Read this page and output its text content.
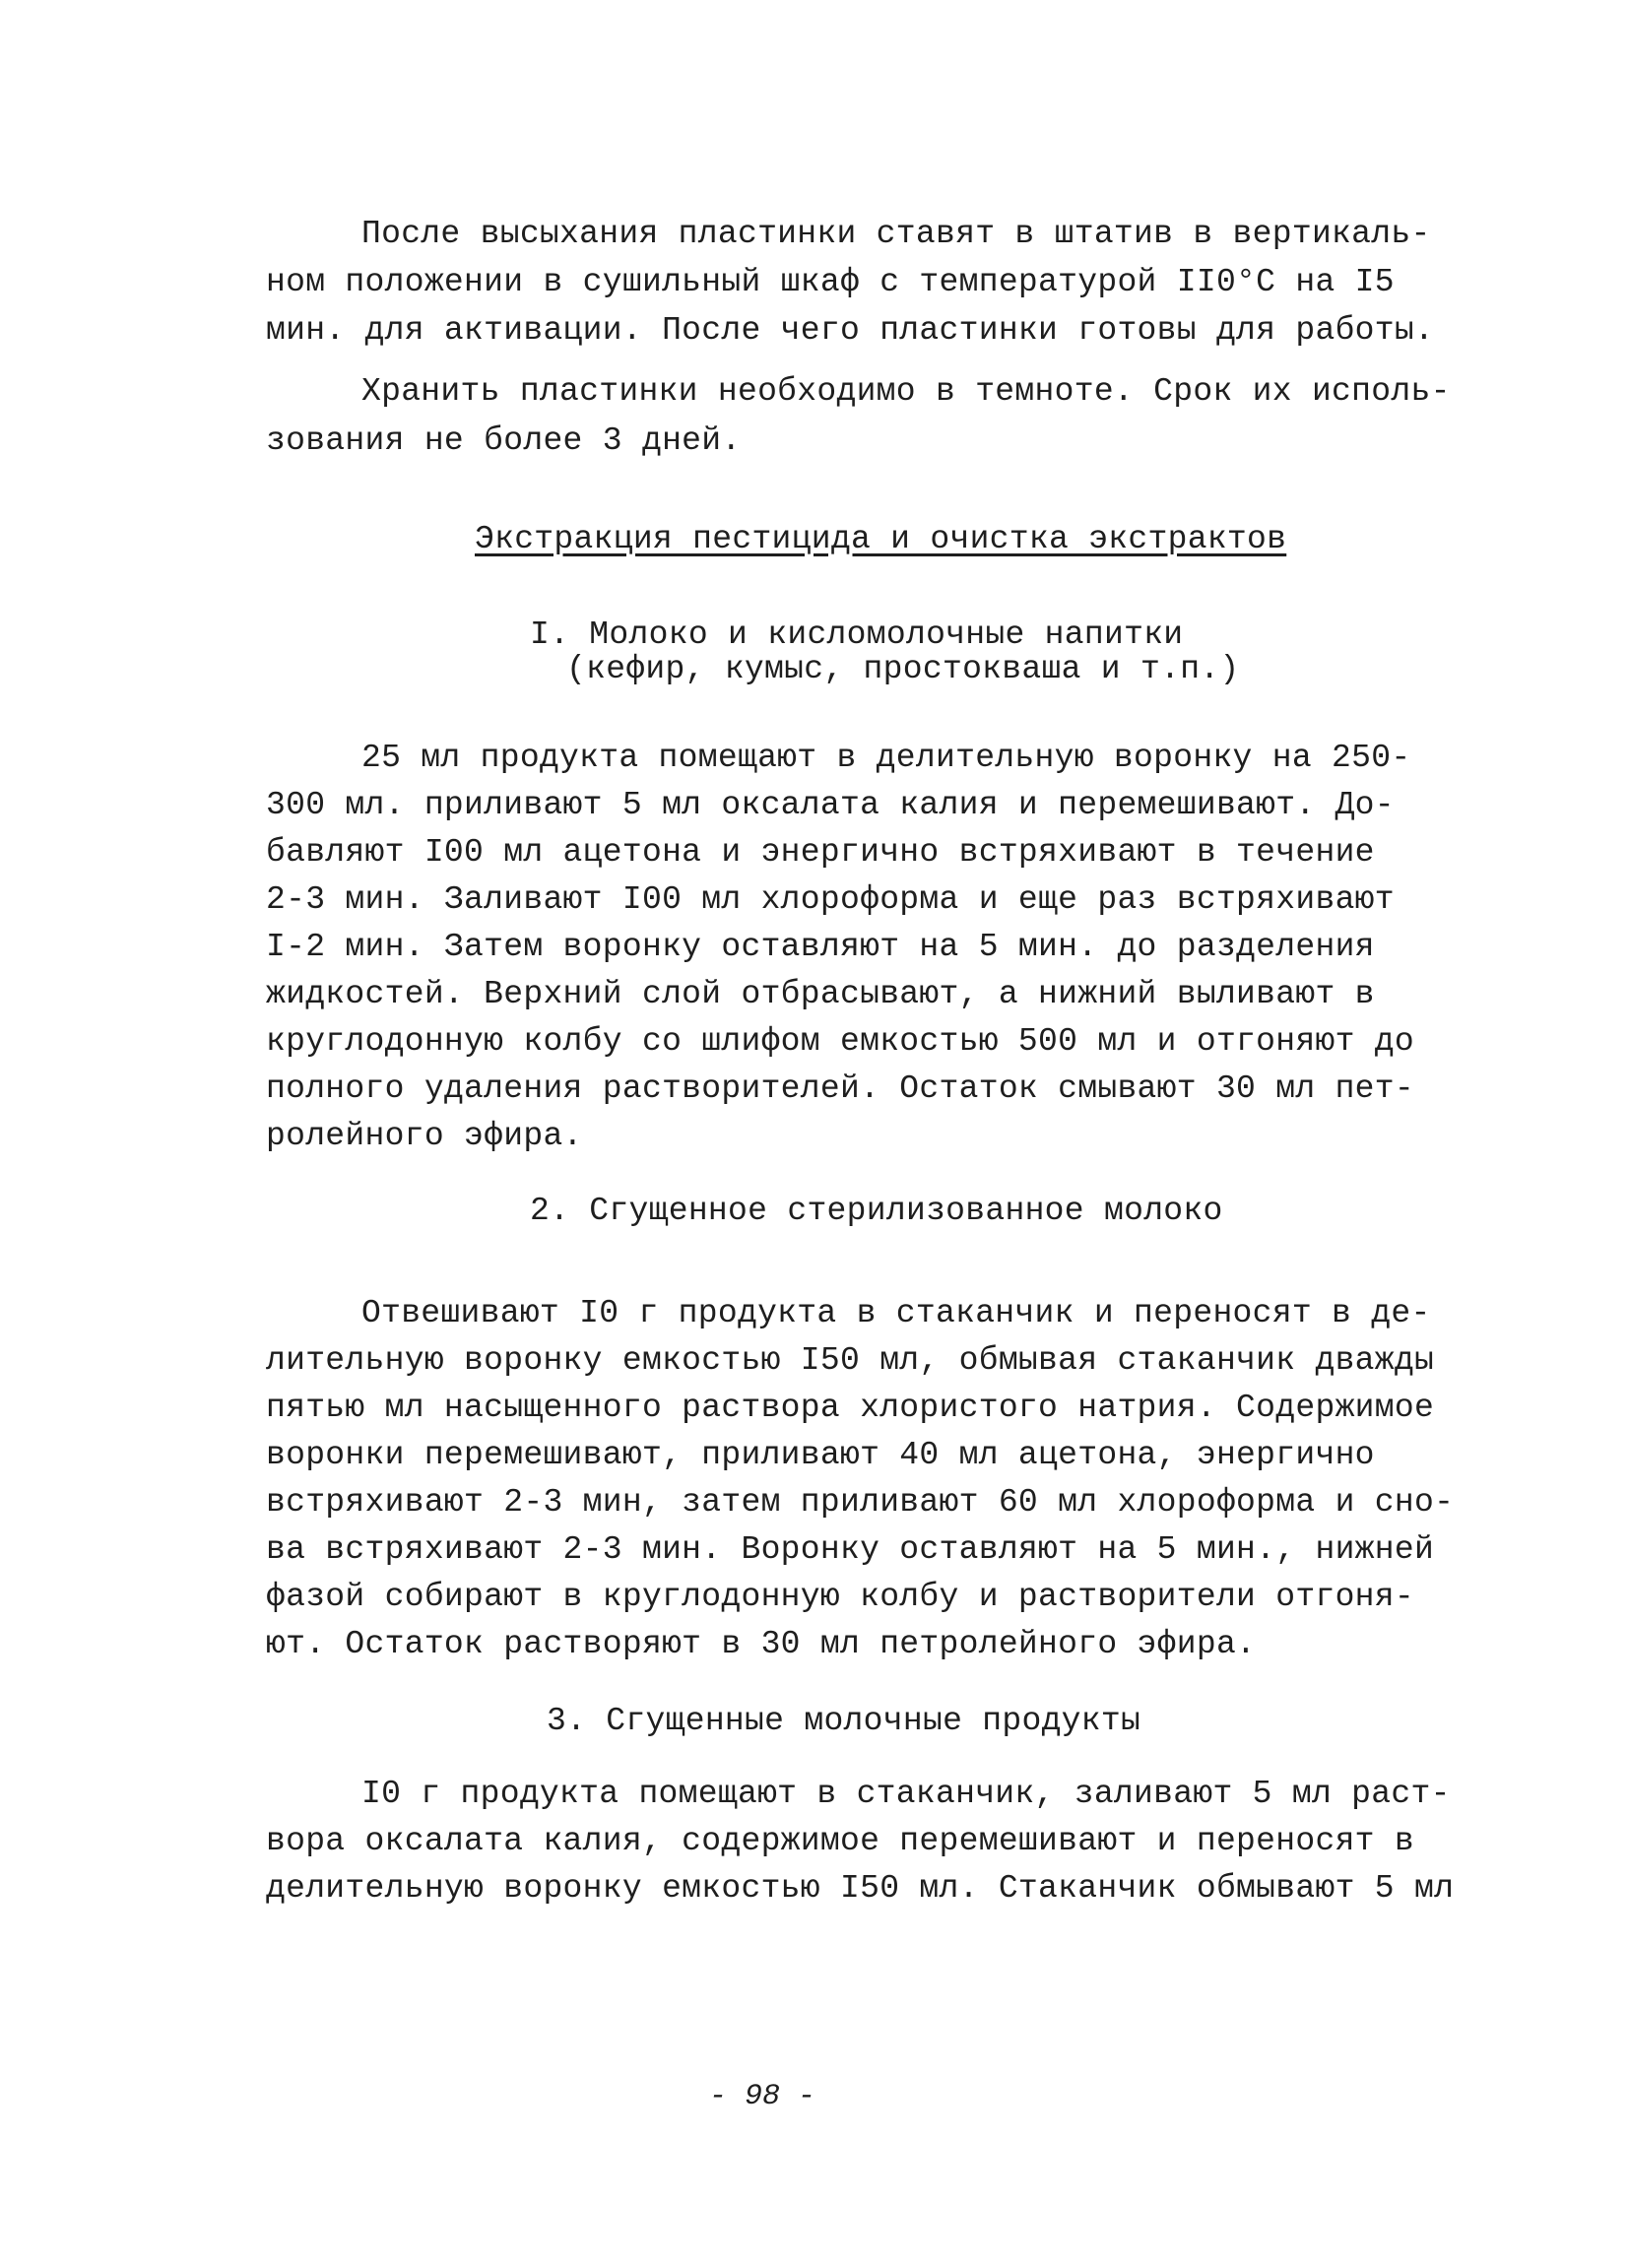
После высыхания пластинки ставят в штатив в вертикаль-
ном положении в сушильный шкаф с температурой II0°C на I5
мин. для активации. После чего пластинки готовы для работы.
Хранить пластинки необходимо в темноте. Срок их исполь-
зования не более 3 дней.
Экстракция пестицида и очистка экстрактов
I. Молоко и кисломолочные напитки
(кефир, кумыс, простокваша и т.п.)
25 мл продукта помещают в делительную воронку на 250-
300 мл. приливают 5 мл оксалата калия и перемешивают. До-
бавляют I00 мл ацетона и энергично встряхивают в течение
2-3 мин. Заливают I00 мл хлороформа и еще раз встряхивают
I-2 мин. Затем воронку оставляют на 5 мин. до разделения
жидкостей. Верхний слой отбрасывают, а нижний выливают в
круглодонную колбу со шлифом емкостью 500 мл и отгоняют до
полного удаления растворителей. Остаток смывают 30 мл пет-
ролейного эфира.
2. Сгущенное стерилизованное молоко
Отвешивают I0 г продукта в стаканчик и переносят в де-
лительную воронку емкостью I50 мл, обмывая стаканчик дважды
пятью мл насыщенного раствора хлористого натрия. Содержимое
воронки перемешивают, приливают 40 мл ацетона, энергично
встряхивают 2-3 мин, затем приливают 60 мл хлороформа и сно-
ва встряхивают 2-3 мин. Воронку оставляют на 5 мин., нижней
фазой собирают в круглодонную колбу и растворители отгоня-
ют. Остаток растворяют в 30 мл петролейного эфира.
3. Сгущенные молочные продукты
I0 г продукта помещают в стаканчик, заливают 5 мл раст-
вора оксалата калия, содержимое перемешивают и переносят в
делительную воронку емкостью I50 мл. Стаканчик обмывают 5 мл
- 98 -
